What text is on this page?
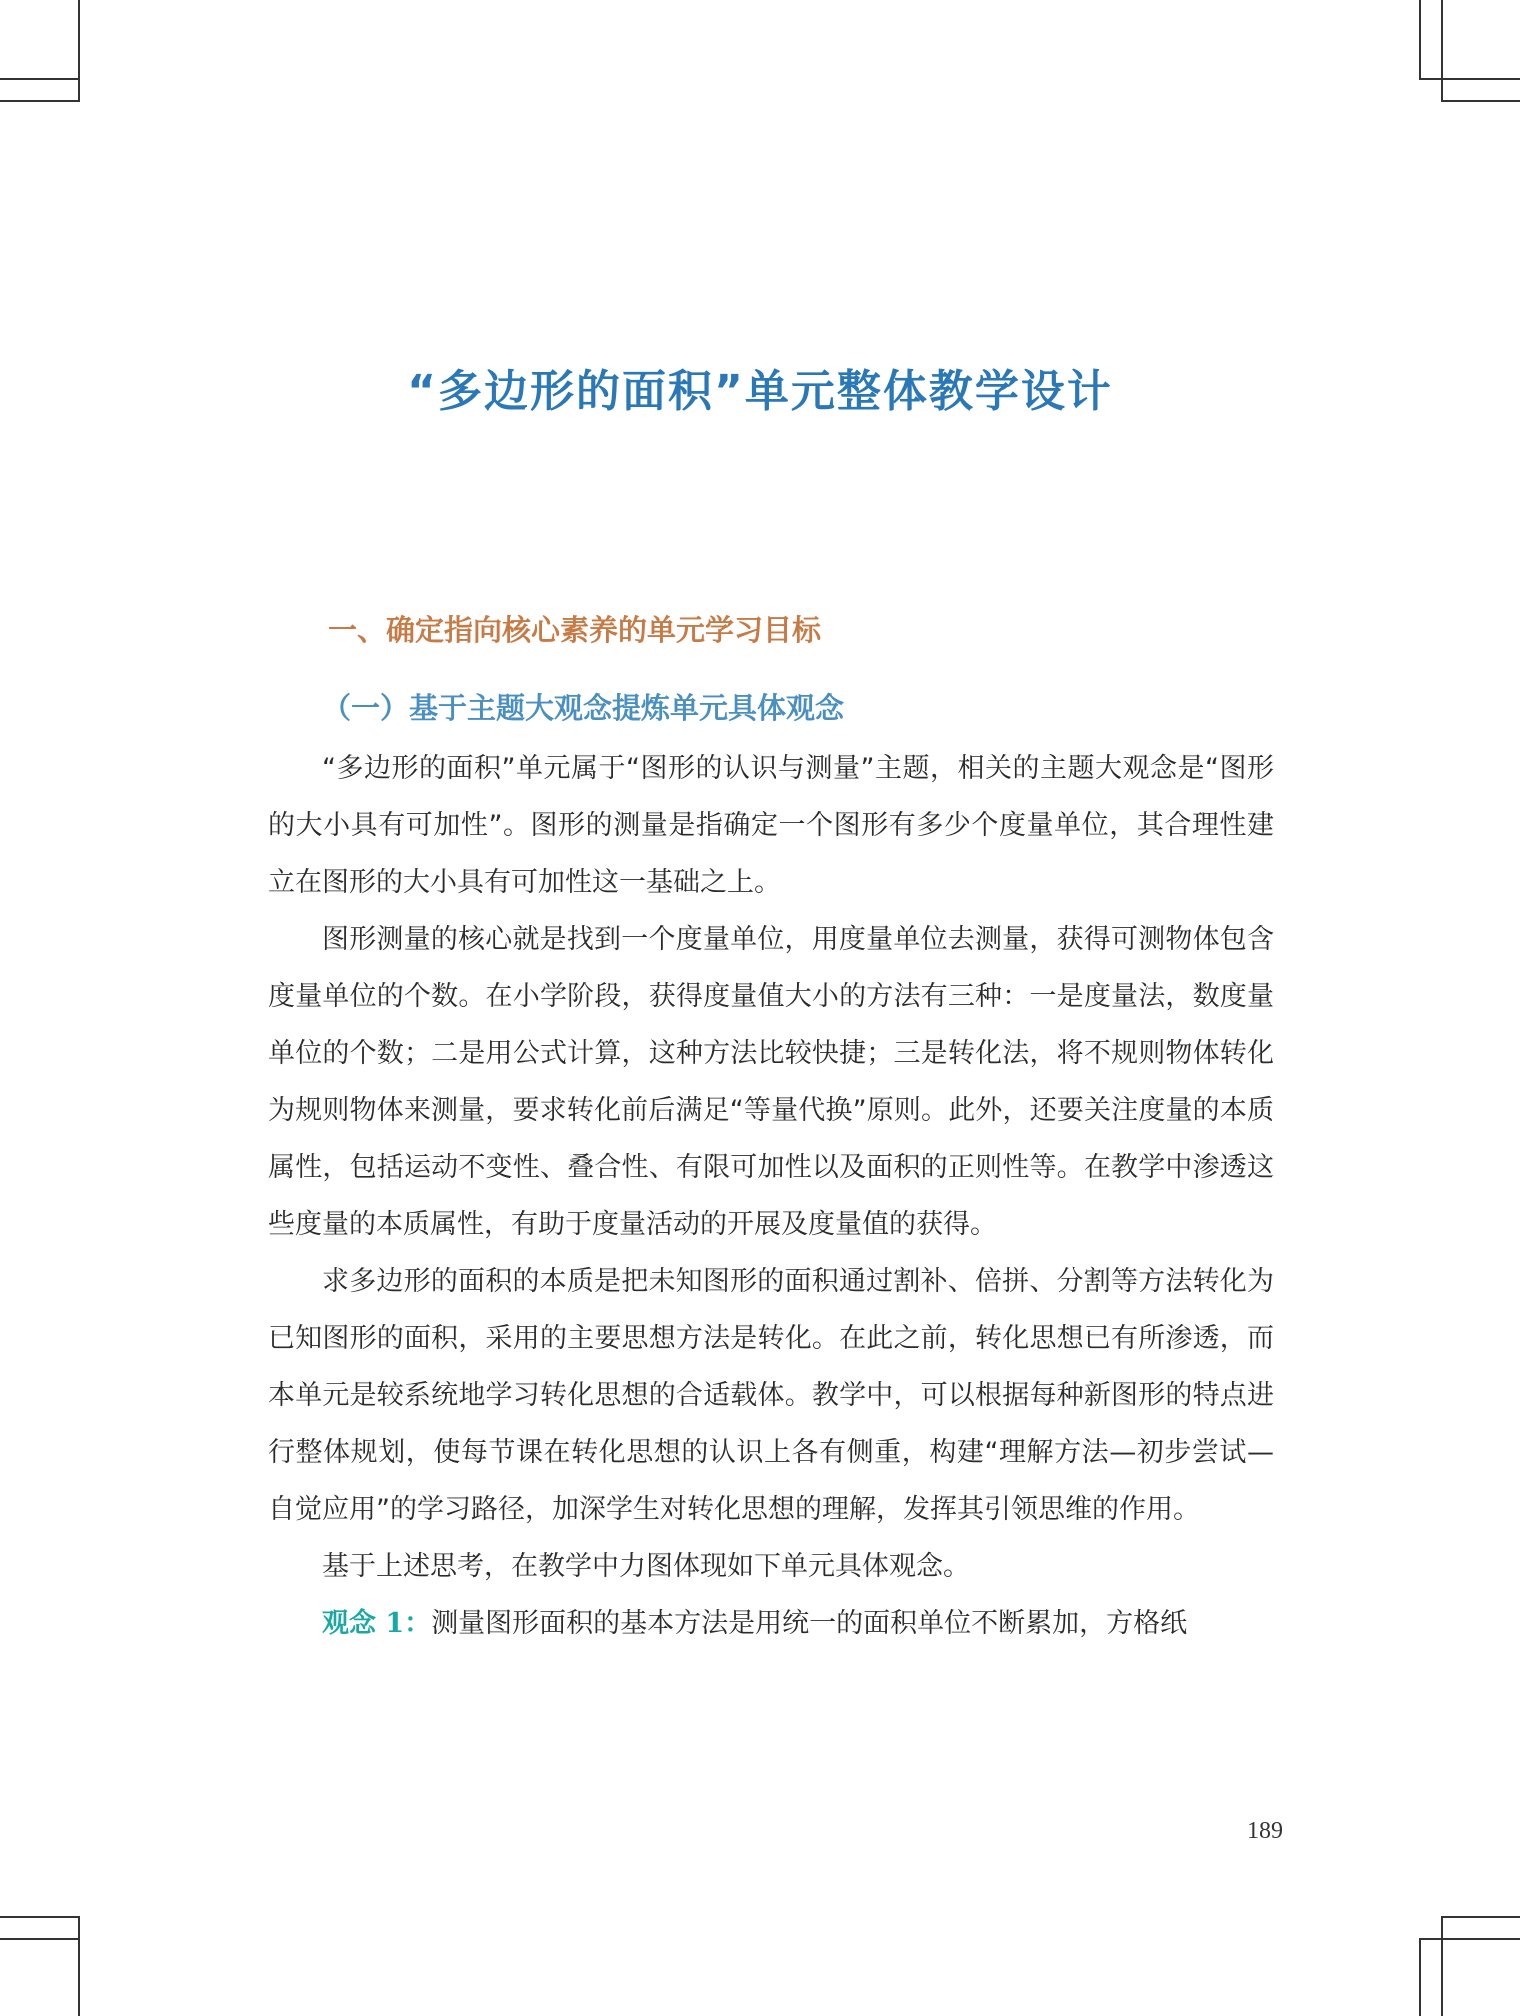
“多边形的面积”单元整体教学设计
一、确定指向核心素养的单元学习目标
（一）基于主题大观念提炼单元具体观念

“多边形的面积”单元属于“图形的认识与测量”主题，相关的主题大观念是“图形的大小具有可加性”。图形的测量是指确定一个图形有多少个度量单位，其合理性建立在图形的大小具有可加性这一基础之上。

图形测量的核心就是找到一个度量单位，用度量单位去测量，获得可测物体包含度量单位的个数。在小学阶段，获得度量值大小的方法有三种：一是度量法，数度量单位的个数；二是用公式计算，这种方法比较快捷；三是转化法，将不规则物体转化为规则物体来测量，要求转化前后满足“等量代换”原则。此外，还要关注度量的本质属性，包括运动不变性、叠合性、有限可加性以及面积的正则性等。在教学中渗透这些度量的本质属性，有助于度量活动的开展及度量值的获得。

求多边形的面积的本质是把未知图形的面积通过割补、倍拼、分割等方法转化为已知图形的面积，采用的主要思想方法是转化。在此之前，转化思想已有所渗透，而本单元是较系统地学习转化思想的合适载体。教学中，可以根据每种新图形的特点进行整体规划，使每节课在转化思想的认识上各有侧重，构建“理解方法—初步尝试—自觉应用”的学习路径，加深学生对转化思想的理解，发挥其引领思维的作用。

基于上述思考，在教学中力图体现如下单元具体观念。

观念 1：测量图形面积的基本方法是用统一的面积单位不断累加，方格纸

189
